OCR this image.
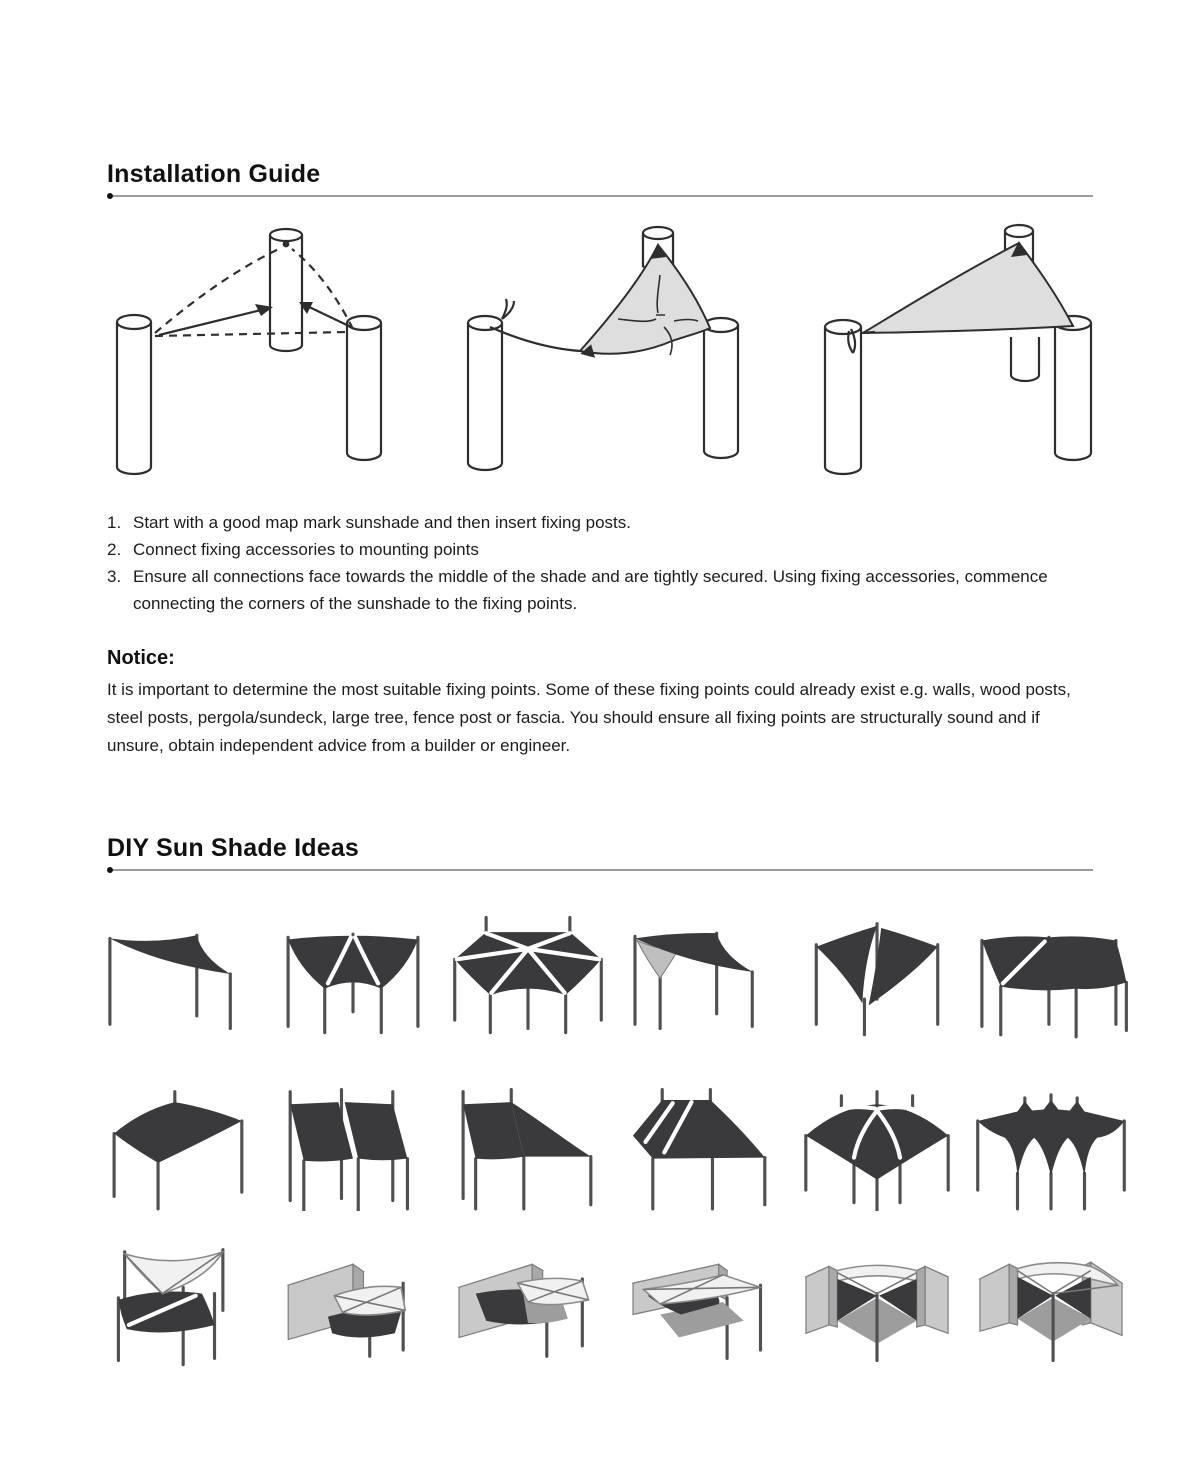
Installation Guide
1. Start with a good map mark sunshade and then insert fixing posts.
2. Connect fixing accessories to mounting points
3. Ensure all connections face towards the middle of the shade and are tightly secured. Using fixing accessories, commence connecting the corners of the sunshade to the fixing points.
Notice:

It is important to determine the most suitable fixing points. Some of these fixing points could already exist e.g. walls, wood posts, steel posts, pergola/sundeck, large tree, fence post or fascia. You should ensure all fixing points are structurally sound and if unsure, obtain independent advice from a builder or engineer.

DIY Sun Shade Ideas
